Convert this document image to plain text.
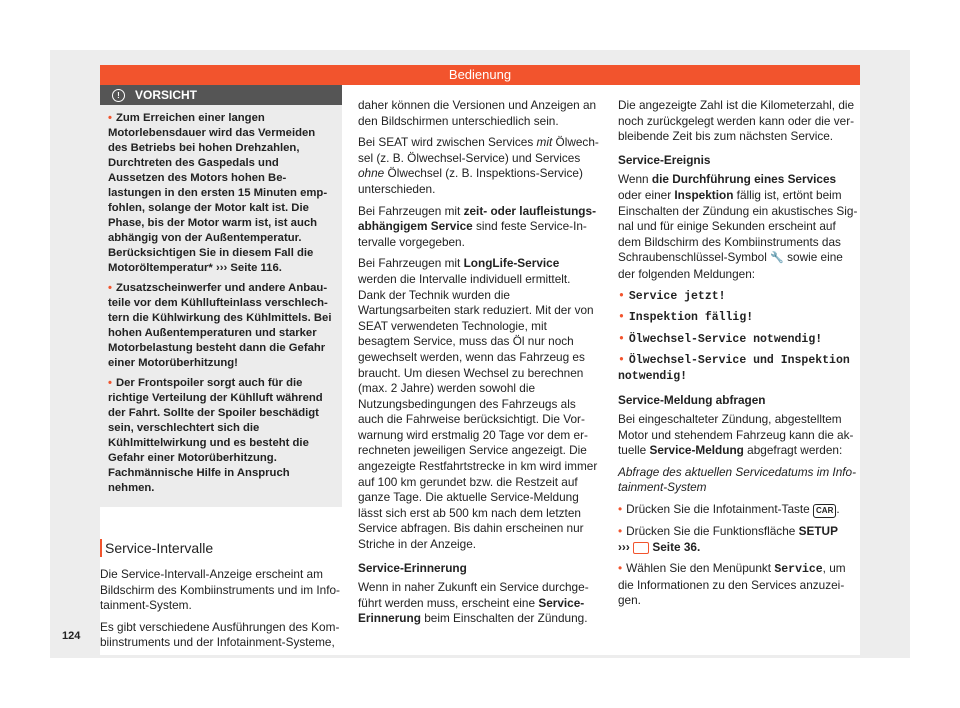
Bedienung
!	VORSICHT

• Zum Erreichen einer langen Motorlebensdauer wird das Vermeiden des Betriebs bei hohen Drehzahlen, Durchtreten des Gaspedals und Aussetzen des Motors hohen Belastungen in den ersten 15 Minuten empfohlen, solange der Motor kalt ist. Die Phase, bis der Motor warm ist, ist auch abhängig von der Außentemperatur. Berücksichtigen Sie in diesem Fall die Motoröltemperatur* ››› Seite 116.

• Zusatzscheinwerfer und andere Anbauteile vor dem Kühllufteinlass verschlechtern die Kühlwirkung des Kühlmittels. Bei hohen Außentemperaturen und starker Motorbelastung besteht dann die Gefahr einer Motorüberhitzung!

• Der Frontspoiler sorgt auch für die richtige Verteilung der Kühlluft während der Fahrt. Sollte der Spoiler beschädigt sein, verschlechtert sich die Kühlmittelwirkung und es besteht die Gefahr einer Motorüberhitzung. Fachmännische Hilfe in Anspruch nehmen.

Service-Intervalle

Die Service-Intervall-Anzeige erscheint am Bildschirm des Kombiinstruments und im Infotainment-System.

Es gibt verschiedene Ausführungen des Kombiinstruments und der Infotainment-Systeme,

daher können die Versionen und Anzeigen an den Bildschirmen unterschiedlich sein.

Bei SEAT wird zwischen Services mit Ölwechsel (z. B. Ölwechsel-Service) und Services ohne Ölwechsel (z. B. Inspektions-Service) unterschieden.

Bei Fahrzeugen mit zeit- oder laufleistungsabhängigem Service sind feste Service-Intervalle vorgegeben.

Bei Fahrzeugen mit LongLife-Service werden die Intervalle individuell ermittelt. Dank der Technik wurden die Wartungsarbeiten stark reduziert. Mit der von SEAT verwendeten Technologie, mit besagtem Service, muss das Öl nur noch gewechselt werden, wenn das Fahrzeug es braucht. Um diesen Wechsel zu berechnen (max. 2 Jahre) werden sowohl die Nutzungsbedingungen des Fahrzeugs als auch die Fahrweise berücksichtigt. Die Vorwarnung wird erstmalig 20 Tage vor dem errechneten jeweiligen Service angezeigt. Die angezeigte Restfahrtstrecke in km wird immer auf 100 km gerundet bzw. die Restzeit auf ganze Tage. Die aktuelle Service-Meldung lässt sich erst ab 500 km nach dem letzten Service abfragen. Bis dahin erscheinen nur Striche in der Anzeige.

Service-Erinnerung

Wenn in naher Zukunft ein Service durchgeführt werden muss, erscheint eine Service-Erinnerung beim Einschalten der Zündung.

Die angezeigte Zahl ist die Kilometerzahl, die noch zurückgelegt werden kann oder die verbleibende Zeit bis zum nächsten Service.

Service-Ereignis

Wenn die Durchführung eines Services oder einer Inspektion fällig ist, ertönt beim Einschalten der Zündung ein akustisches Signal und für einige Sekunden erscheint auf dem Bildschirm des Kombiinstruments das Schraubenschlüssel-Symbol 🔧 sowie eine der folgenden Meldungen:

• Service jetzt!

• Inspektion fällig!

• Ölwechsel-Service notwendig!

• Ölwechsel-Service und Inspektion notwendig!

Service-Meldung abfragen

Bei eingeschalteter Zündung, abgestelltem Motor und stehendem Fahrzeug kann die aktuelle Service-Meldung abgefragt werden:

Abfrage des aktuellen Servicedatums im Infotainment-System

• Drücken Sie die Infotainment-Taste CAR .

• Drücken Sie die Funktionsfläche SETUP
›››  Seite 36.

• Wählen Sie den Menüpunkt Service, um die Informationen zu den Services anzuzeigen.

124
